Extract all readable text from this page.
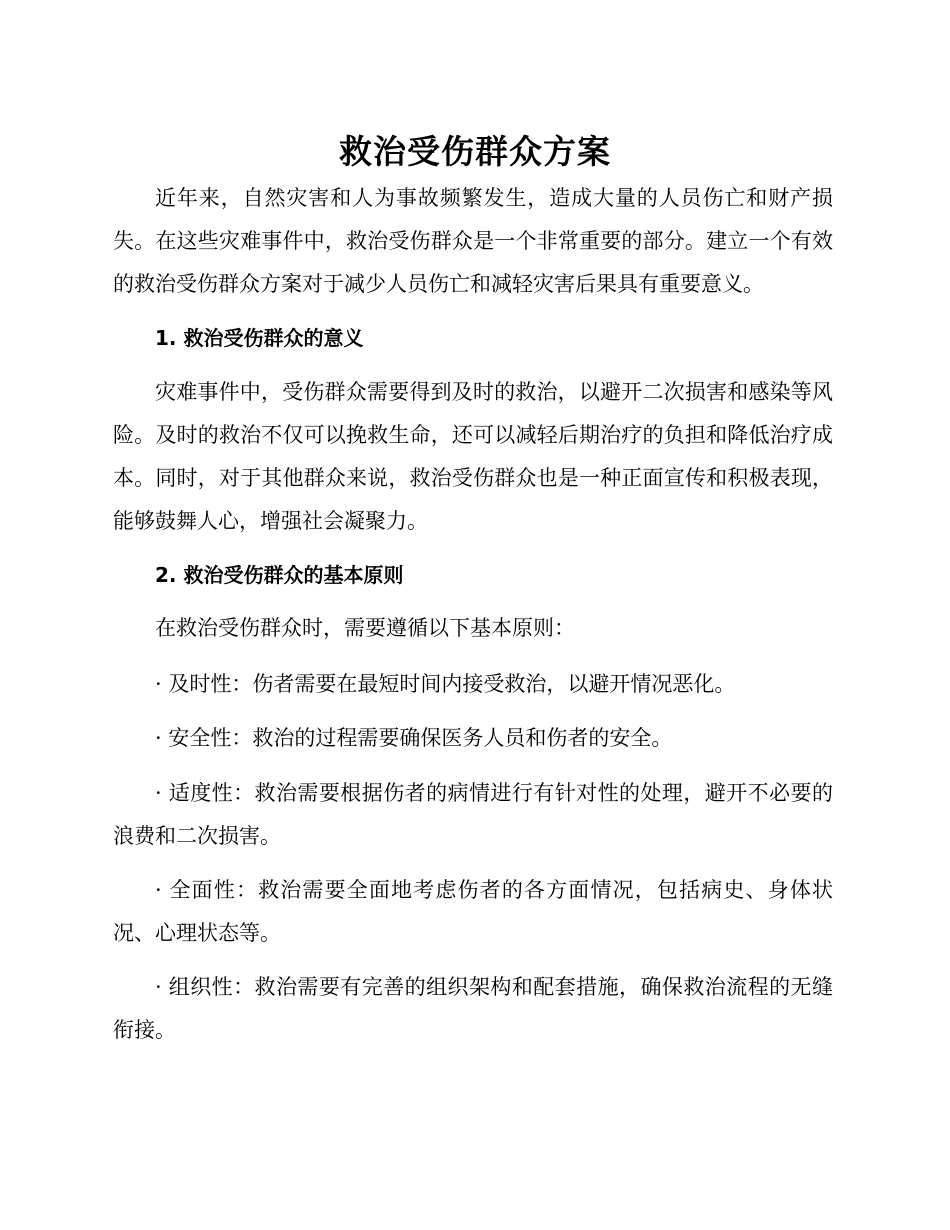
救治受伤群众方案

近年来，自然灾害和人为事故频繁发生，造成大量的人员伤亡和财产损失。在这些灾难事件中，救治受伤群众是一个非常重要的部分。建立一个有效的救治受伤群众方案对于减少人员伤亡和减轻灾害后果具有重要意义。

1. 救治受伤群众的意义

灾难事件中，受伤群众需要得到及时的救治，以避开二次损害和感染等风险。及时的救治不仅可以挽救生命，还可以减轻后期治疗的负担和降低治疗成本。同时，对于其他群众来说，救治受伤群众也是一种正面宣传和积极表现，能够鼓舞人心，增强社会凝聚力。

2. 救治受伤群众的基本原则

在救治受伤群众时，需要遵循以下基本原则：

· 及时性：伤者需要在最短时间内接受救治，以避开情况恶化。

· 安全性：救治的过程需要确保医务人员和伤者的安全。

· 适度性：救治需要根据伤者的病情进行有针对性的处理，避开不必要的浪费和二次损害。

· 全面性：救治需要全面地考虑伤者的各方面情况，包括病史、身体状况、心理状态等。

· 组织性：救治需要有完善的组织架构和配套措施，确保救治流程的无缝衔接。
